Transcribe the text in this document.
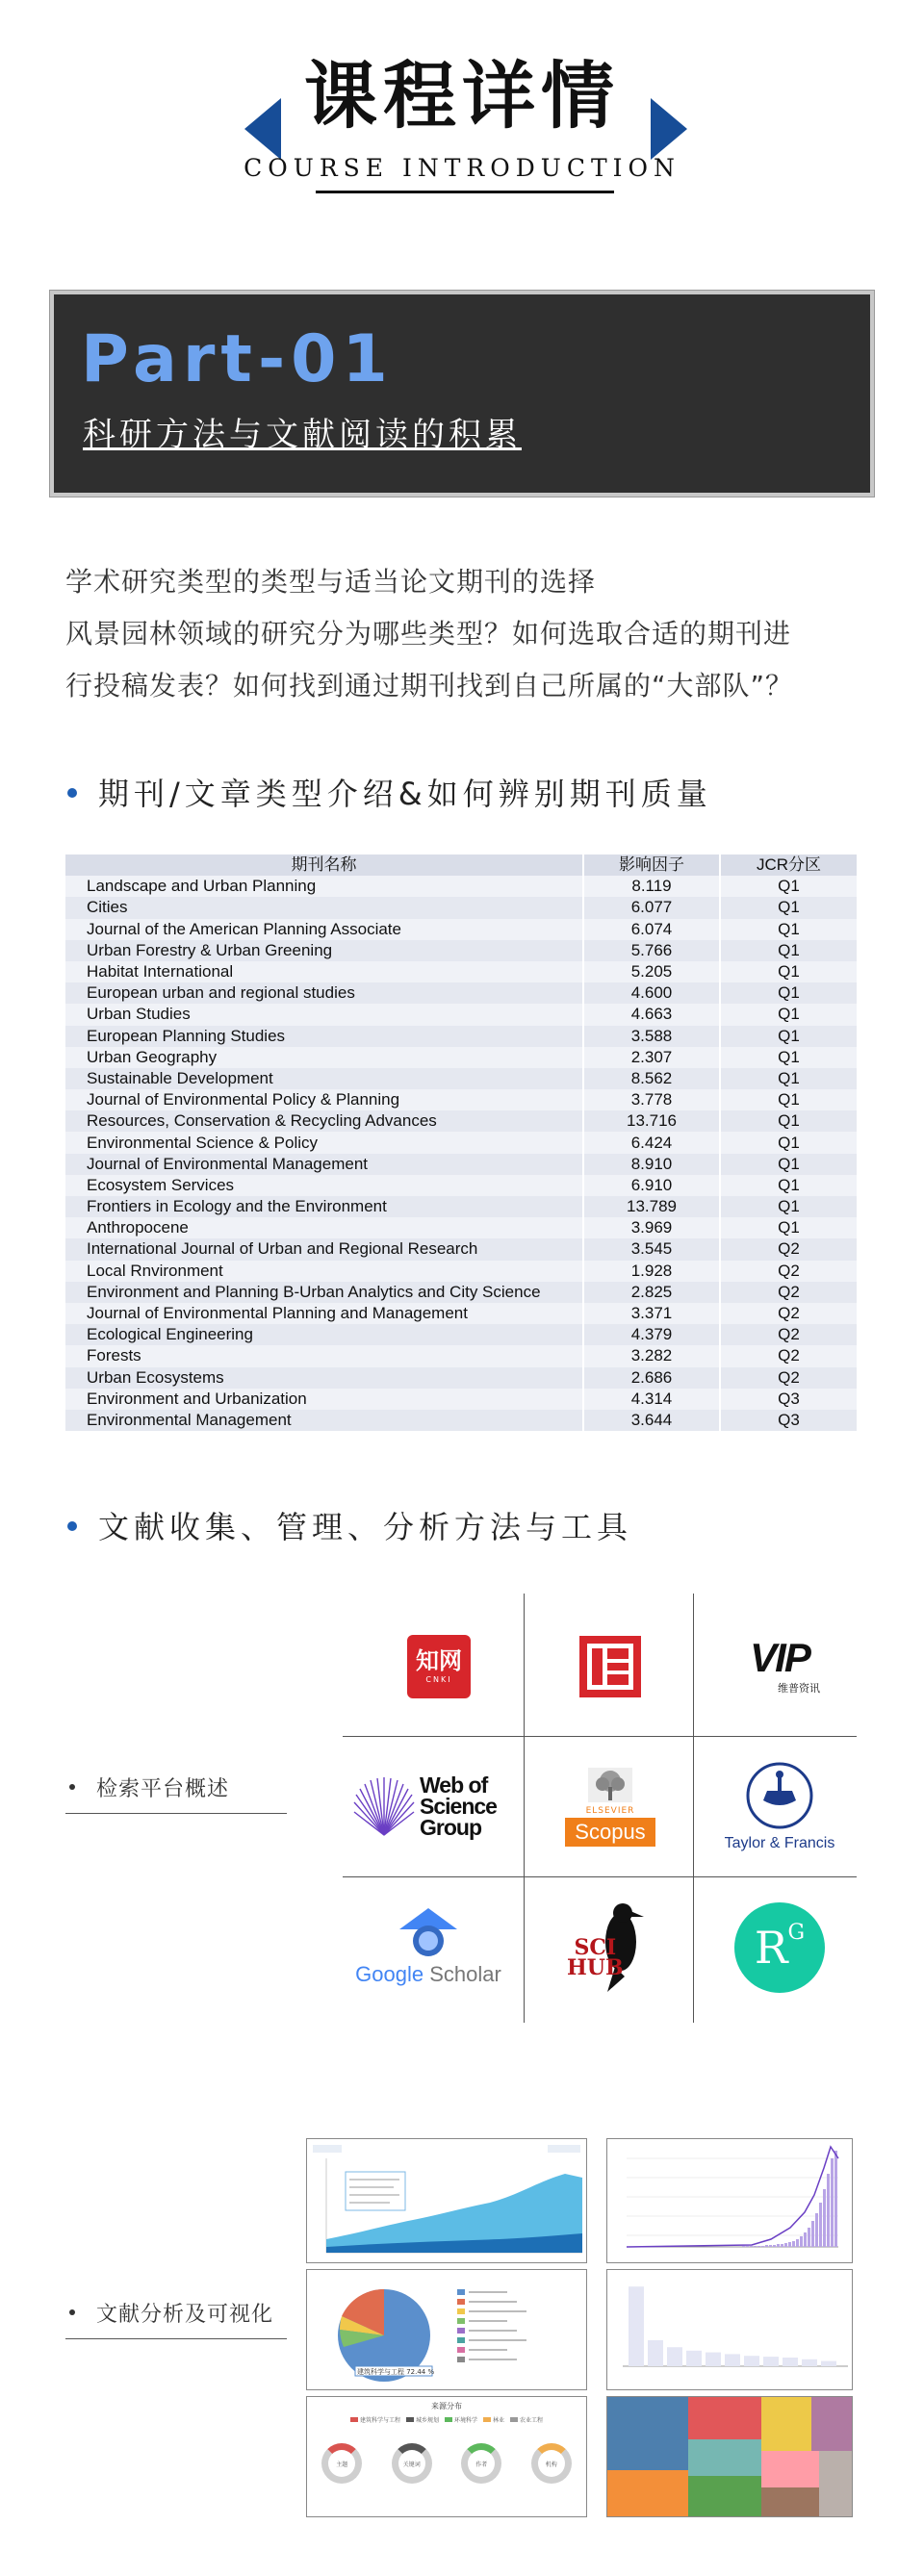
课程详情
COURSE INTRODUCTION
Part-01
科研方法与文献阅读的积累
学术研究类型的类型与适当论文期刊的选择
风景园林领域的研究分为哪些类型？如何选取合适的期刊进
行投稿发表？如何找到通过期刊找到自己所属的“大部队”？
期刊/文章类型介绍&如何辨别期刊质量
期刊名称	影响因子	JCR分区
Landscape and Urban Planning	8.119	Q1
Cities	6.077	Q1
Journal of the American Planning Associate	6.074	Q1
Urban Forestry & Urban Greening	5.766	Q1
Habitat International	5.205	Q1
European urban and regional studies	4.600	Q1
Urban Studies	4.663	Q1
European Planning Studies	3.588	Q1
Urban Geography	2.307	Q1
Sustainable Development	8.562	Q1
Journal of Environmental Policy & Planning	3.778	Q1
Resources, Conservation & Recycling Advances	13.716	Q1
Environmental Science & Policy	6.424	Q1
Journal of Environmental Management	8.910	Q1
Ecosystem Services	6.910	Q1
Frontiers in Ecology and the Environment	13.789	Q1
Anthropocene	3.969	Q1
International Journal of Urban and Regional Research	3.545	Q2
Local Rnvironment	1.928	Q2
Environment and Planning B-Urban Analytics and City Science	2.825	Q2
Journal of Environmental Planning and Management	3.371	Q2
Ecological Engineering	4.379	Q2
Forests	3.282	Q2
Urban Ecosystems	2.686	Q2
Environment and Urbanization	4.314	Q3
Environmental Management	3.644	Q3
文献收集、管理、分析方法与工具
检索平台概述
知网
CNKI	VIP
维普资讯
Web of
Science
Group
ELSEVIER
Scopus	Taylor & Francis
Google Scholar
SCI
HUB	R G
文献分析及可视化
建筑科学与工程 72.44 %
来源分布
建筑科学与工程	城乡规划	环境科学	林业	农业工程
主题	关键词	作者	机构
